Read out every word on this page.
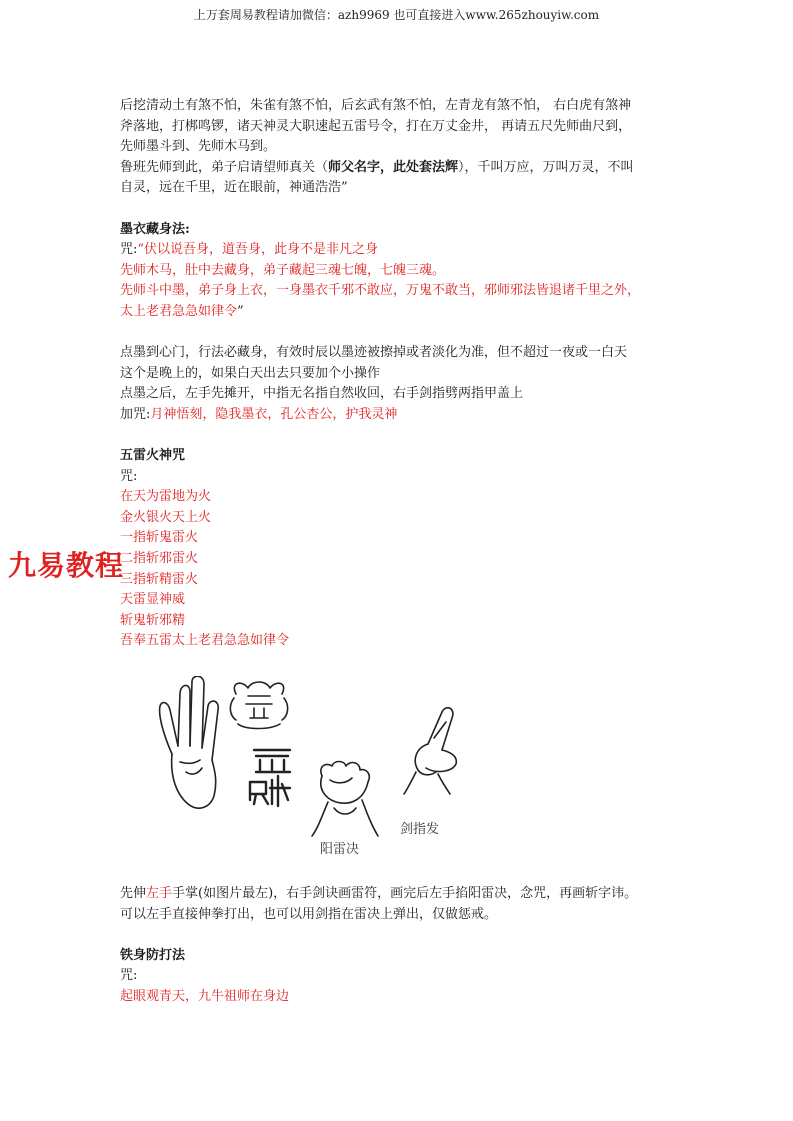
上万套周易教程请加微信：azh9969 也可直接进入www.265zhouyiw.com

后挖清动土有煞不怕，朱雀有煞不怕，后玄武有煞不怕，左青龙有煞不怕， 右白虎有煞神

斧落地，打梆鸣锣，诸天神灵大职速起五雷号令，打在万丈金井， 再请五尺先师曲尺到，

先师墨斗到、先师木马到。

鲁班先师到此，弟子启请望师真关（师父名字，此处套法辉），千叫万应，万叫万灵，不叫

自灵，远在千里，近在眼前，神通浩浩”

墨衣藏身法:

咒:“伏以说吾身，道吾身，此身不是非凡之身

先师木马，肚中去藏身，弟子藏起三魂七魄，七魄三魂。

先师斗中墨，弟子身上衣，一身墨衣千邪不敢应，万鬼不敢当，邪师邪法皆退诸千里之外，

太上老君急急如律令”

点墨到心门，行法必藏身，有效时辰以墨迹被擦掉或者淡化为准，但不超过一夜或一白天

这个是晚上的，如果白天出去只要加个小操作

点墨之后，左手先摊开，中指无名指自然收回，右手剑指劈两指甲盖上

加咒:月神悟刻，隐我墨衣，孔公杏公，护我灵神

五雷火神咒

咒:

在天为雷地为火

金火银火天上火

一指斩鬼雷火

二指斩邪雷火

三指斩精雷火

天雷显神威

斩鬼斩邪精

吾奉五雷太上老君急急如律令

九易教程
阳雷决
剑指发

先伸左手手掌(如图片最左)，右手剑诀画雷符，画完后左手掐阳雷决，念咒，再画斩字讳。

可以左手直接伸拳打出，也可以用剑指在雷决上弹出，仅做惩戒。

铁身防打法

咒:

起眼观青天，九牛祖师在身边
